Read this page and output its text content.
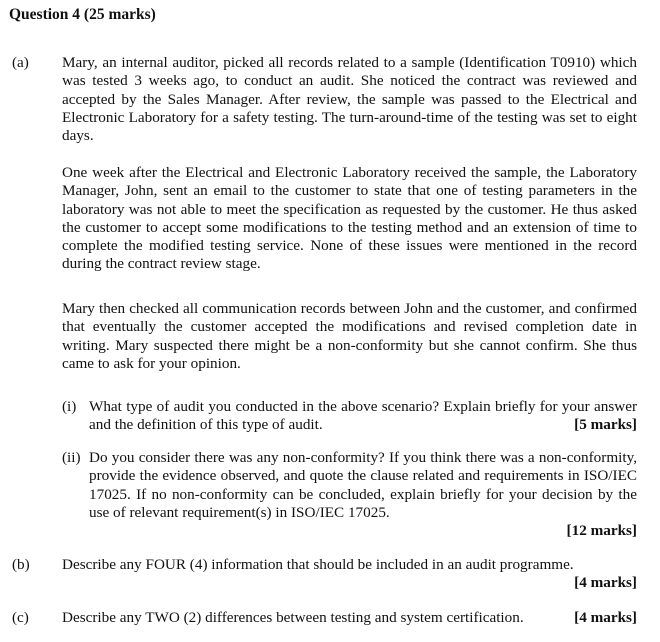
Question 4 (25 marks)
(a) Mary, an internal auditor, picked all records related to a sample (Identification T0910) which was tested 3 weeks ago, to conduct an audit. She noticed the contract was reviewed and accepted by the Sales Manager. After review, the sample was passed to the Electrical and Electronic Laboratory for a safety testing. The turn-around-time of the testing was set to eight days.

One week after the Electrical and Electronic Laboratory received the sample, the Laboratory Manager, John, sent an email to the customer to state that one of testing parameters in the laboratory was not able to meet the specification as requested by the customer. He thus asked the customer to accept some modifications to the testing method and an extension of time to complete the modified testing service. None of these issues were mentioned in the record during the contract review stage.

Mary then checked all communication records between John and the customer, and confirmed that eventually the customer accepted the modifications and revised completion date in writing. Mary suspected there might be a non-conformity but she cannot confirm. She thus came to ask for your opinion.

(i) What type of audit you conducted in the above scenario? Explain briefly for your answer and the definition of this type of audit.	[5 marks]
(ii) Do you consider there was any non-conformity? If you think there was a non-conformity, provide the evidence observed, and quote the clause related and requirements in ISO/IEC 17025. If no non-conformity can be concluded, explain briefly for your decision by the use of relevant requirement(s) in ISO/IEC 17025.

[12 marks]
(b) Describe any FOUR (4) information that should be included in an audit programme.
[4 marks]
(c) Describe any TWO (2) differences between testing and system certification.	[4 marks]
